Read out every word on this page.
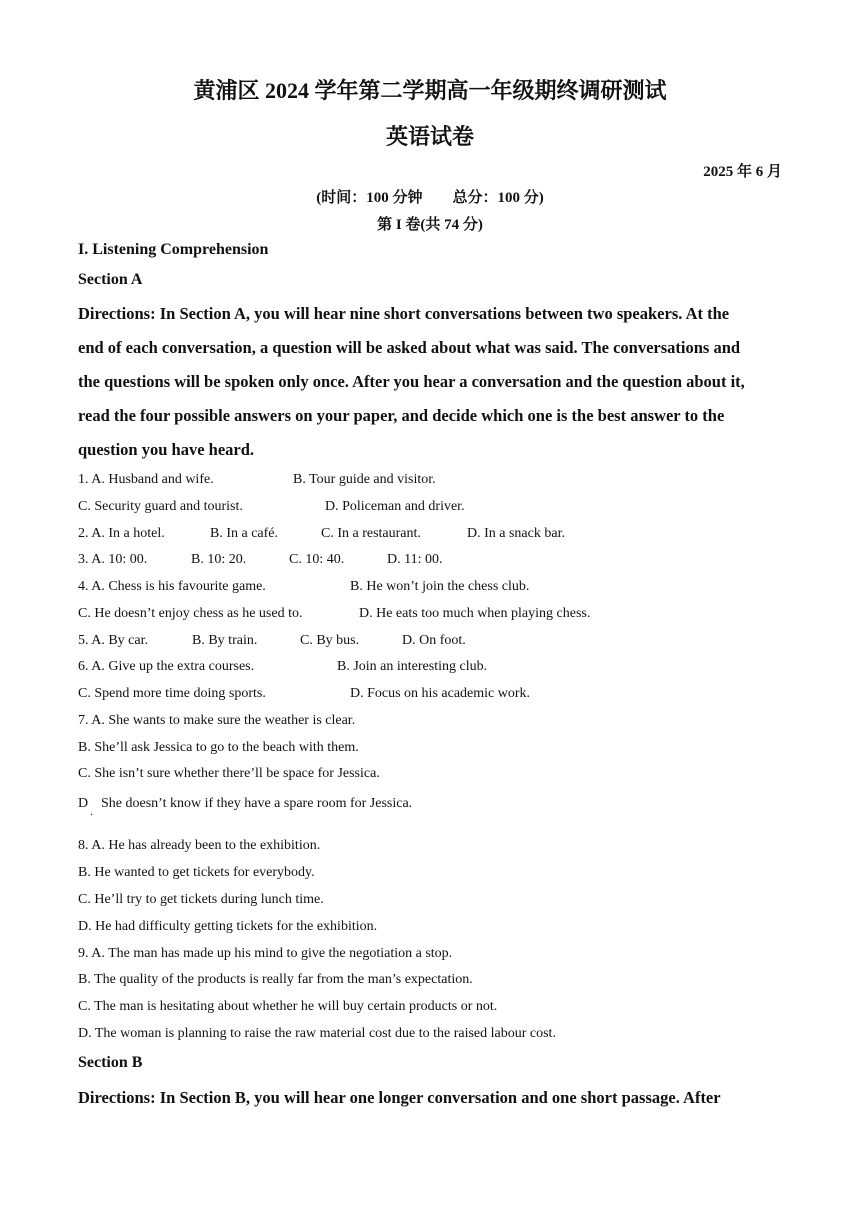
黄浦区 2024 学年第二学期高一年级期终调研测试
英语试卷
2025 年 6 月
(时间：100 分钟　　总分：100 分)
第 I 卷(共 74 分)
I. Listening Comprehension
Section A
Directions: In Section A, you will hear nine short conversations between two speakers. At the
end of each conversation, a question will be asked about what was said. The conversations and
the questions will be spoken only once. After you hear a conversation and the question about it,
read the four possible answers on your paper, and decide which one is the best answer to the
question you have heard.
1. A. Husband and wife.	B. Tour guide and visitor.
C. Security guard and tourist.	D. Policeman and driver.
2. A. In a hotel.	B. In a café.	C. In a restaurant.	D. In a snack bar.
3. A. 10: 00.	B. 10: 20.	C. 10: 40.	D. 11: 00.
4. A. Chess is his favourite game.	B. He won’t join the chess club.
C. He doesn’t enjoy chess as he used to.	D. He eats too much when playing chess.
5. A. By car.	B. By train.	C. By bus.	D. On foot.
6. A. Give up the extra courses.	B. Join an interesting club.
C. Spend more time doing sports.	D. Focus on his academic work.
7. A. She wants to make sure the weather is clear.
B. She’ll ask Jessica to go to the beach with them.
C. She isn’t sure whether there’ll be space for Jessica.
D . She doesn’t know if they have a spare room for Jessica.
8. A. He has already been to the exhibition.
B. He wanted to get tickets for everybody.
C. He’ll try to get tickets during lunch time.
D. He had difficulty getting tickets for the exhibition.
9. A. The man has made up his mind to give the negotiation a stop.
B. The quality of the products is really far from the man’s expectation.
C. The man is hesitating about whether he will buy certain products or not.
D. The woman is planning to raise the raw material cost due to the raised labour cost.
Section B
Directions: In Section B, you will hear one longer conversation and one short passage. After
